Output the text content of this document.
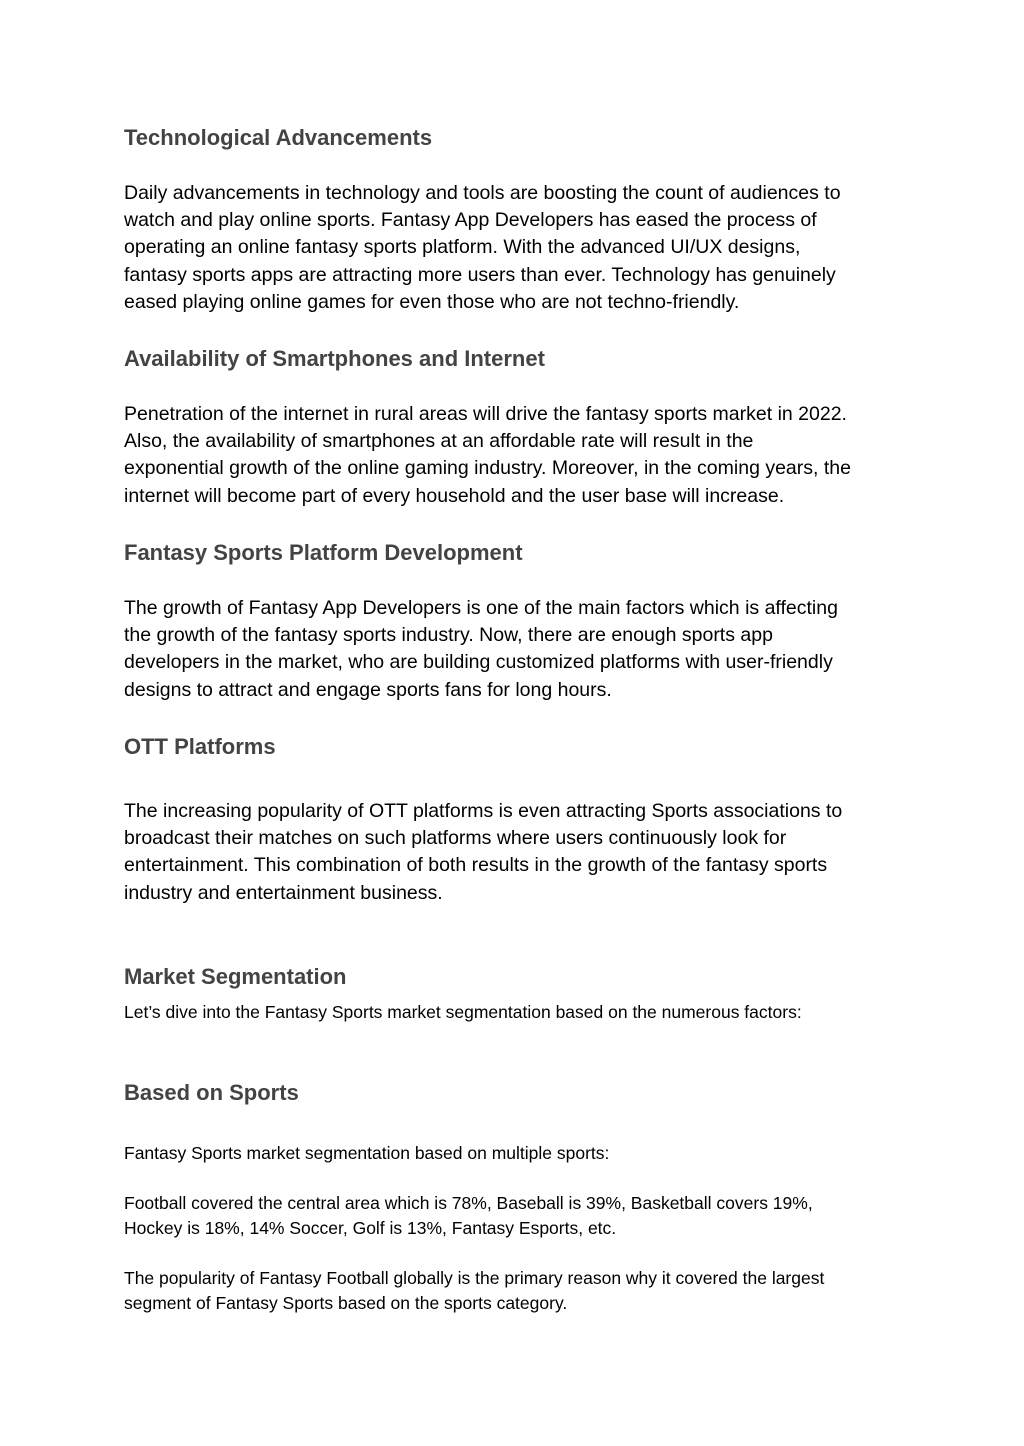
Technological Advancements
Daily advancements in technology and tools are boosting the count of audiences to
watch and play online sports. Fantasy App Developers has eased the process of
operating an online fantasy sports platform. With the advanced UI/UX designs,
fantasy sports apps are attracting more users than ever. Technology has genuinely
eased playing online games for even those who are not techno-friendly.
Availability of Smartphones and Internet
Penetration of the internet in rural areas will drive the fantasy sports market in 2022.
Also, the availability of smartphones at an affordable rate will result in the
exponential growth of the online gaming industry. Moreover, in the coming years, the
internet will become part of every household and the user base will increase.
Fantasy Sports Platform Development
The growth of Fantasy App Developers is one of the main factors which is affecting
the growth of the fantasy sports industry. Now, there are enough sports app
developers in the market, who are building customized platforms with user-friendly
designs to attract and engage sports fans for long hours.
OTT Platforms
The increasing popularity of OTT platforms is even attracting Sports associations to
broadcast their matches on such platforms where users continuously look for
entertainment. This combination of both results in the growth of the fantasy sports
industry and entertainment business.
Market Segmentation
Let’s dive into the Fantasy Sports market segmentation based on the numerous factors:
Based on Sports
Fantasy Sports market segmentation based on multiple sports:
Football covered the central area which is 78%, Baseball is 39%, Basketball covers 19%,
Hockey is 18%, 14% Soccer, Golf is 13%, Fantasy Esports, etc.
The popularity of Fantasy Football globally is the primary reason why it covered the largest
segment of Fantasy Sports based on the sports category.
